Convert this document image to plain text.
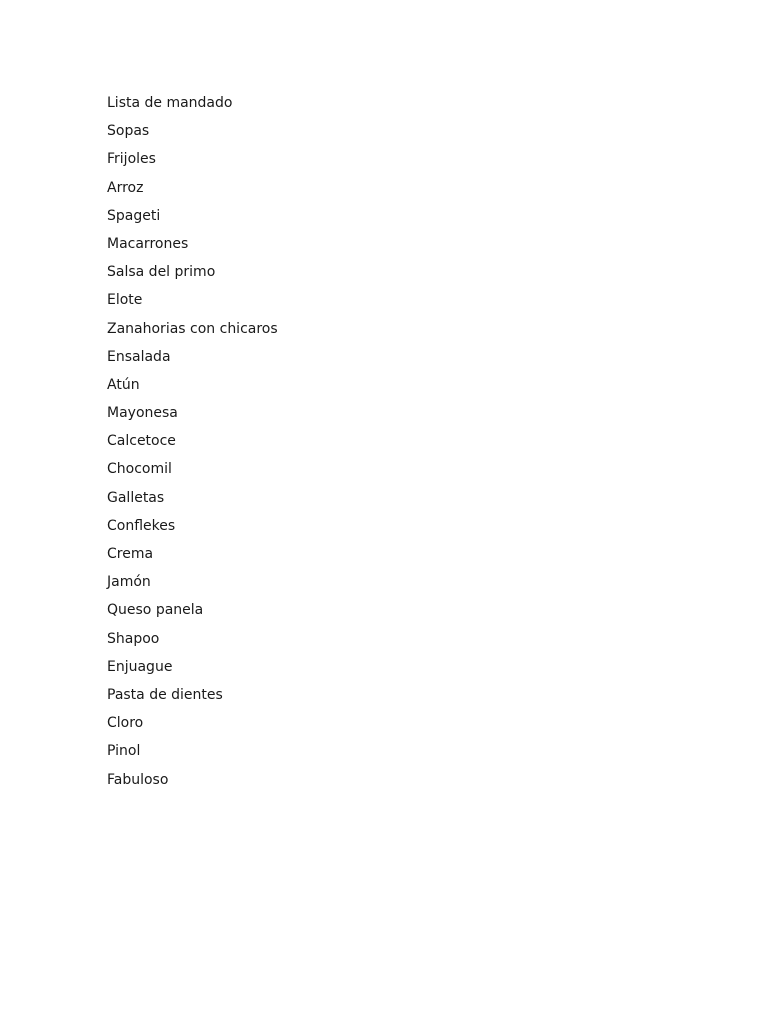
Lista de mandado

Sopas

Frijoles

Arroz

Spageti

Macarrones

Salsa del primo

Elote

Zanahorias con chicaros

Ensalada

Atún

Mayonesa

Calcetoce

Chocomil

Galletas

Conflekes

Crema

Jamón

Queso panela

Shapoo

Enjuague

Pasta de dientes

Cloro

Pinol

Fabuloso
